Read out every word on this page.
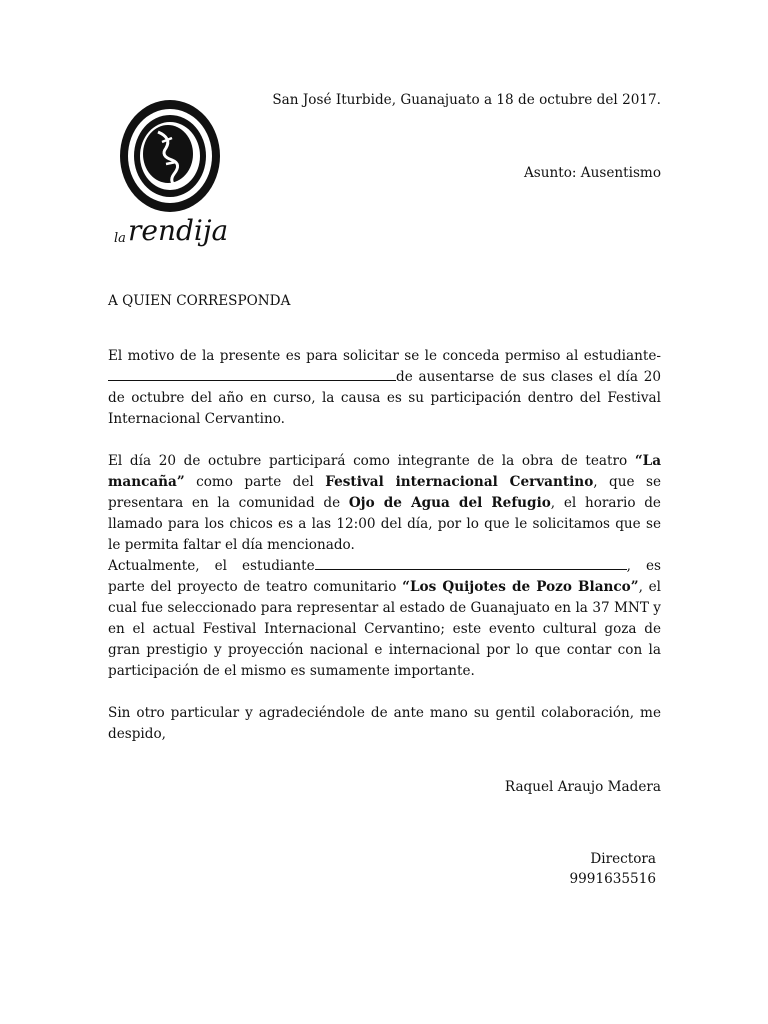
la rendija
San José Iturbide, Guanajuato a 18 de octubre del 2017.
Asunto: Ausentismo
A QUIEN CORRESPONDA

El motivo de la presente es para solicitar se le conceda permiso al estudiante-de ausentarse de sus clases el día 20 de octubre del año en curso, la causa es su participación dentro del Festival Internacional Cervantino.

El día 20 de octubre participará como integrante de la obra de teatro “La mancaña” como parte del Festival internacional Cervantino, que se presentara en la comunidad de Ojo de Agua del Refugio, el horario de llamado para los chicos es a las 12:00 del día, por lo que le solicitamos que se le permita faltar el día mencionado.

Actualmente, el estudiante	, es parte del proyecto de teatro comunitario “Los Quijotes de Pozo Blanco”, el cual fue seleccionado para representar al estado de Guanajuato en la 37 MNT y en el actual Festival Internacional Cervantino; este evento cultural goza de gran prestigio y proyección nacional e internacional por lo que contar con la participación de el mismo es sumamente importante.

Sin otro particular y agradeciéndole de ante mano su gentil colaboración, me despido,

Raquel Araujo Madera
Directora
9991635516
